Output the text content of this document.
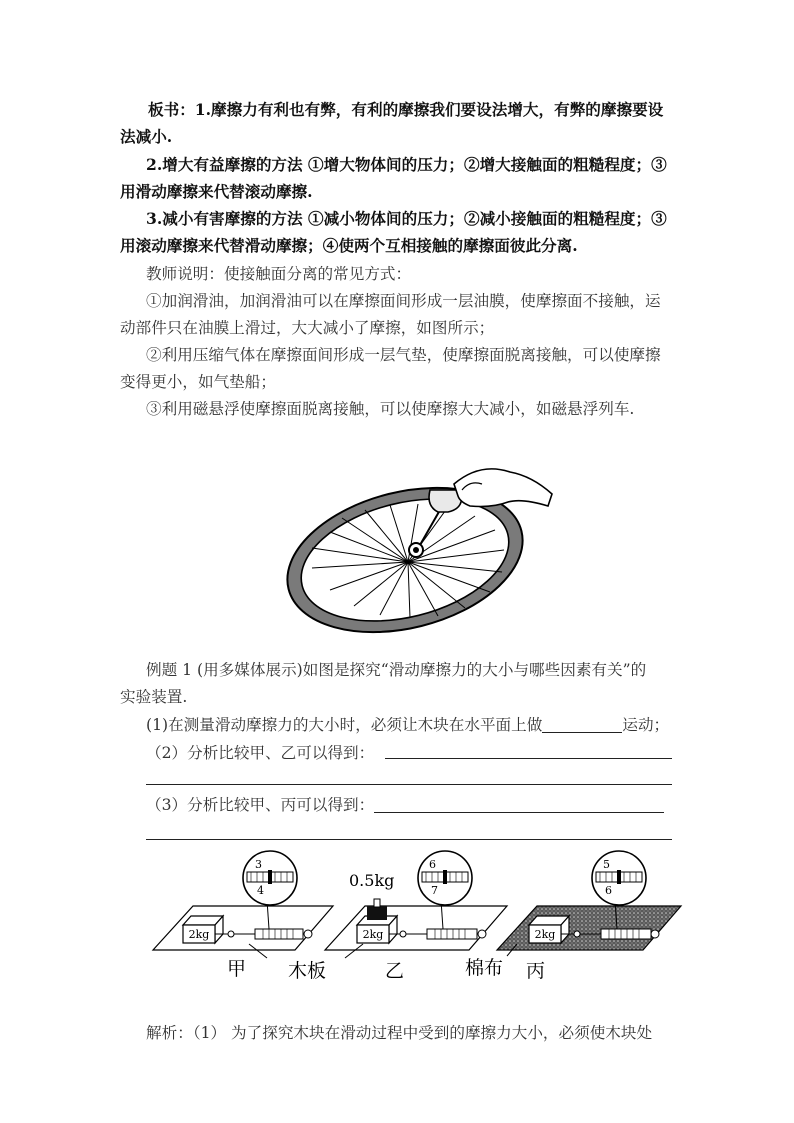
板书：1.摩擦力有利也有弊，有利的摩擦我们要设法增大，有弊的摩擦要设
法减小.
2.增大有益摩擦的方法 ①增大物体间的压力；②增大接触面的粗糙程度；③
用滑动摩擦来代替滚动摩擦.
3.减小有害摩擦的方法 ①减小物体间的压力；②减小接触面的粗糙程度；③
用滚动摩擦来代替滑动摩擦；④使两个互相接触的摩擦面彼此分离.
教师说明：使接触面分离的常见方式：
①加润滑油，加润滑油可以在摩擦面间形成一层油膜，使摩擦面不接触，运
动部件只在油膜上滑过，大大减小了摩擦，如图所示；
②利用压缩气体在摩擦面间形成一层气垫，使摩擦面脱离接触，可以使摩擦
变得更小，如气垫船；
③利用磁悬浮使摩擦面脱离接触，可以使摩擦大大减小，如磁悬浮列车.
例题 1 (用多媒体展示)如图是探究“滑动摩擦力的大小与哪些因素有关”的
实验装置.
(1)在测量滑动摩擦力的大小时，必须让木块在水平面上做	运动；
（2）分析比较甲、乙可以得到：
（3）分析比较甲、丙可以得到：
2kg
3
4
2kg
0.5kg
6
7
2kg
5
6
甲 木板	乙	棉布 丙
解析：（1） 为了探究木块在滑动过程中受到的摩擦力大小，必须使木块处
